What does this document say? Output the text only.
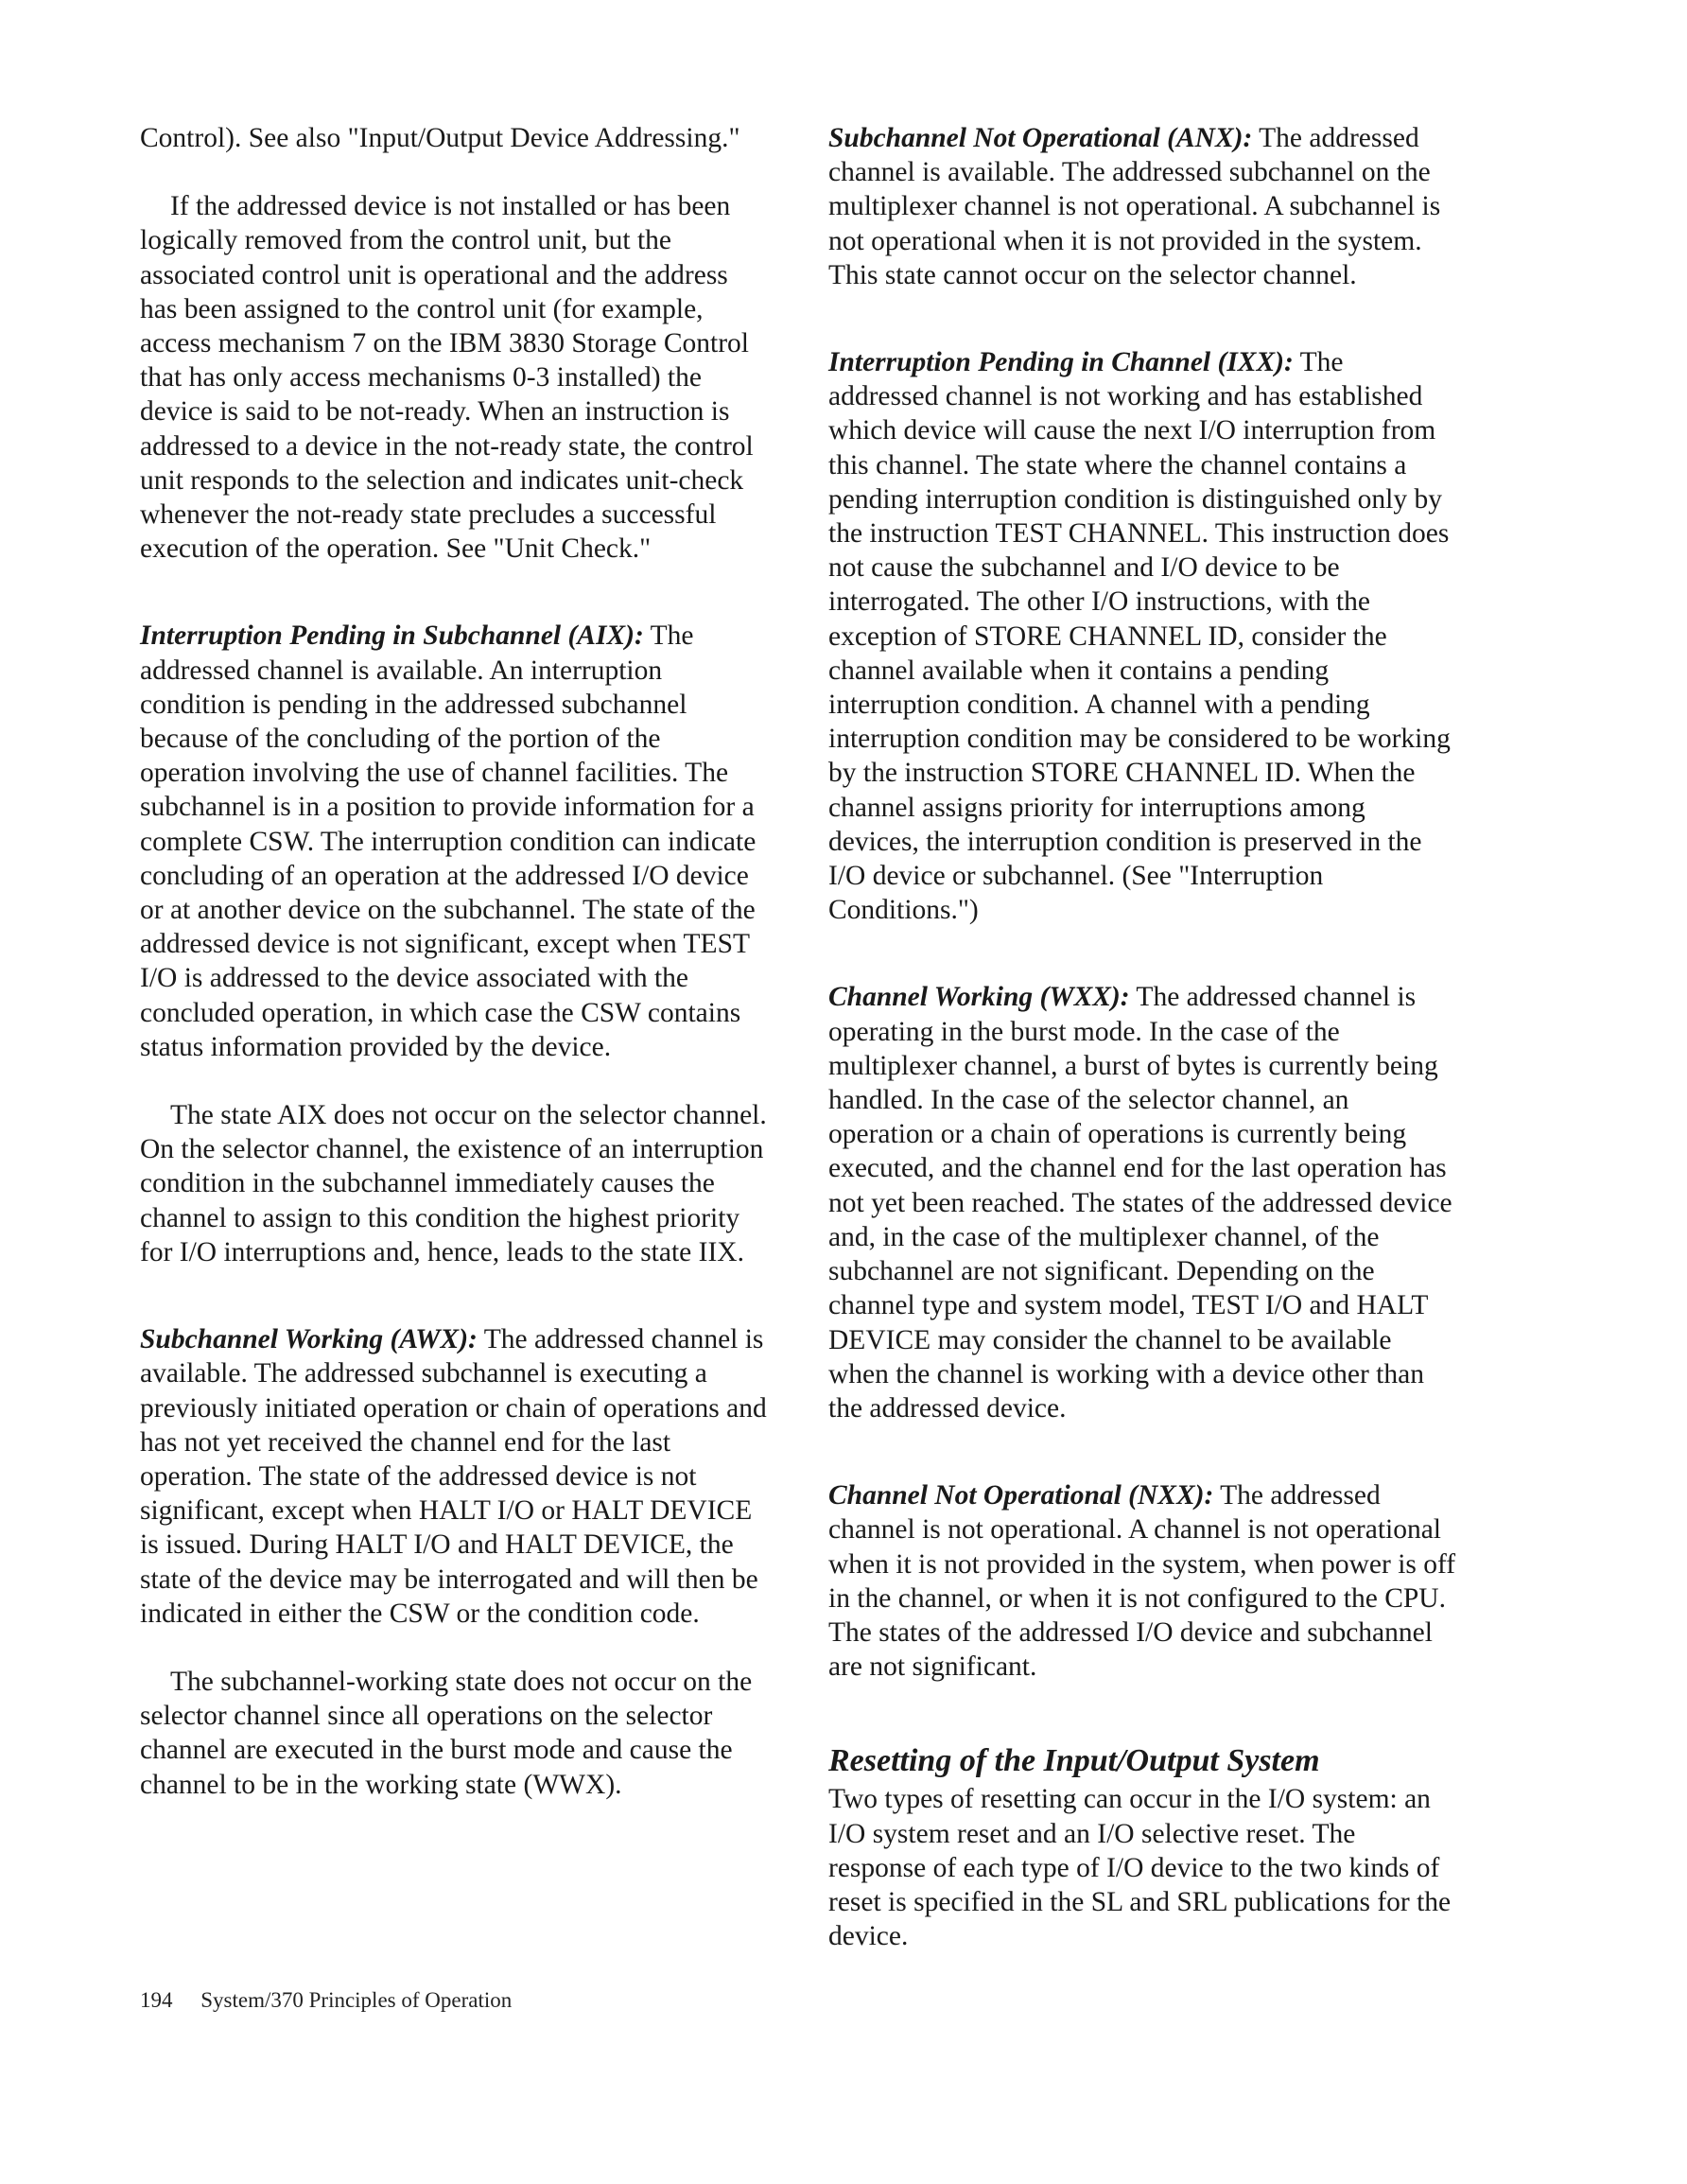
Control). See also "Input/Output Device Addressing."

If the addressed device is not installed or has been logically removed from the control unit, but the associated control unit is operational and the address has been assigned to the control unit (for example, access mechanism 7 on the IBM 3830 Storage Control that has only access mechanisms 0-3 installed) the device is said to be not-ready. When an instruction is addressed to a device in the not-ready state, the control unit responds to the selection and indicates unit-check whenever the not-ready state precludes a successful execution of the operation. See "Unit Check."

Interruption Pending in Subchannel (AIX): The addressed channel is available. An interruption condition is pending in the addressed subchannel because of the concluding of the portion of the operation involving the use of channel facilities. The subchannel is in a position to provide information for a complete CSW. The interruption condition can indicate concluding of an operation at the addressed I/O device or at another device on the subchannel. The state of the addressed device is not significant, except when TEST I/O is addressed to the device associated with the concluded operation, in which case the CSW contains status information provided by the device.

The state AIX does not occur on the selector channel. On the selector channel, the existence of an interruption condition in the subchannel immediately causes the channel to assign to this condition the highest priority for I/O interruptions and, hence, leads to the state IIX.

Subchannel Working (AWX): The addressed channel is available. The addressed subchannel is executing a previously initiated operation or chain of operations and has not yet received the channel end for the last operation. The state of the addressed device is not significant, except when HALT I/O or HALT DEVICE is issued. During HALT I/O and HALT DEVICE, the state of the device may be interrogated and will then be indicated in either the CSW or the condition code.

The subchannel-working state does not occur on the selector channel since all operations on the selector channel are executed in the burst mode and cause the channel to be in the working state (WWX).

Subchannel Not Operational (ANX): The addressed channel is available. The addressed subchannel on the multiplexer channel is not operational. A subchannel is not operational when it is not provided in the system. This state cannot occur on the selector channel.

Interruption Pending in Channel (IXX): The addressed channel is not working and has established which device will cause the next I/O interruption from this channel. The state where the channel contains a pending interruption condition is distinguished only by the instruction TEST CHANNEL. This instruction does not cause the subchannel and I/O device to be interrogated. The other I/O instructions, with the exception of STORE CHANNEL ID, consider the channel available when it contains a pending interruption condition. A channel with a pending interruption condition may be considered to be working by the instruction STORE CHANNEL ID. When the channel assigns priority for interruptions among devices, the interruption condition is preserved in the I/O device or subchannel. (See "Interruption Conditions.")

Channel Working (WXX): The addressed channel is operating in the burst mode. In the case of the multiplexer channel, a burst of bytes is currently being handled. In the case of the selector channel, an operation or a chain of operations is currently being executed, and the channel end for the last operation has not yet been reached. The states of the addressed device and, in the case of the multiplexer channel, of the subchannel are not significant. Depending on the channel type and system model, TEST I/O and HALT DEVICE may consider the channel to be available when the channel is working with a device other than the addressed device.

Channel Not Operational (NXX): The addressed channel is not operational. A channel is not operational when it is not provided in the system, when power is off in the channel, or when it is not configured to the CPU. The states of the addressed I/O device and subchannel are not significant.

Resetting of the Input/Output System

Two types of resetting can occur in the I/O system: an I/O system reset and an I/O selective reset. The response of each type of I/O device to the two kinds of reset is specified in the SL and SRL publications for the device.

194 System/370 Principles of Operation
